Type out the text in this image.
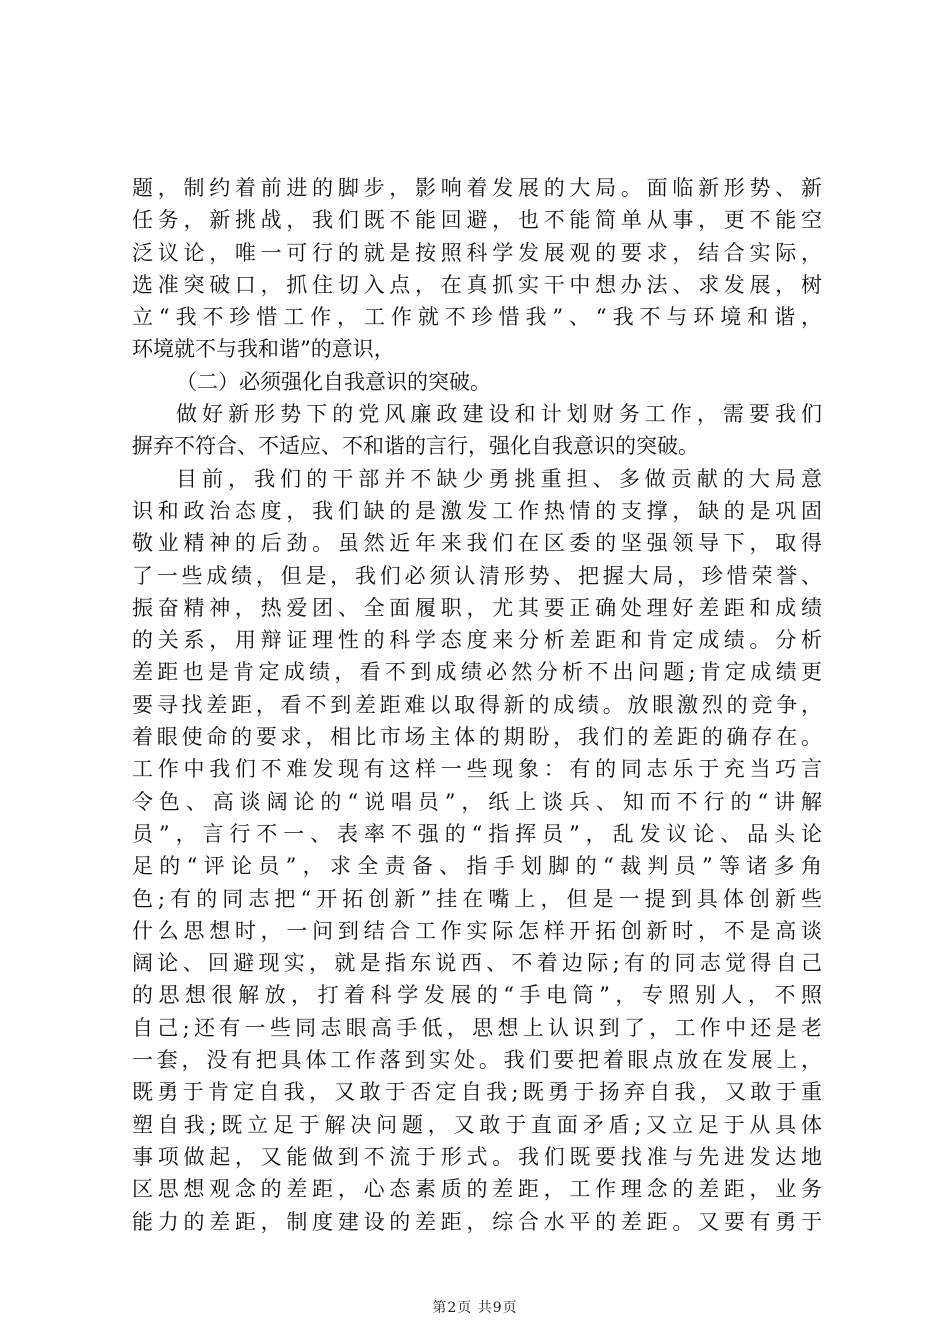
题，制约着前进的脚步，影响着发展的大局。面临新形势、新
任务，新挑战，我们既不能回避，也不能简单从事，更不能空
泛议论，唯一可行的就是按照科学发展观的要求，结合实际，
选准突破口，抓住切入点，在真抓实干中想办法、求发展，树
立“我不珍惜工作，工作就不珍惜我”、“我不与环境和谐，
环境就不与我和谐”的意识，
（二）必须强化自我意识的突破。
做好新形势下的党风廉政建设和计划财务工作，需要我们
摒弃不符合、不适应、不和谐的言行，强化自我意识的突破。
目前，我们的干部并不缺少勇挑重担、多做贡献的大局意
识和政治态度，我们缺的是激发工作热情的支撑，缺的是巩固
敬业精神的后劲。虽然近年来我们在区委的坚强领导下，取得
了一些成绩，但是，我们必须认清形势、把握大局，珍惜荣誉、
振奋精神，热爱团、全面履职，尤其要正确处理好差距和成绩
的关系，用辩证理性的科学态度来分析差距和肯定成绩。分析
差距也是肯定成绩，看不到成绩必然分析不出问题;肯定成绩更
要寻找差距，看不到差距难以取得新的成绩。放眼激烈的竞争，
着眼使命的要求，相比市场主体的期盼，我们的差距的确存在。
工作中我们不难发现有这样一些现象：有的同志乐于充当巧言
令色、高谈阔论的“说唱员”，纸上谈兵、知而不行的“讲解
员”，言行不一、表率不强的“指挥员”，乱发议论、品头论
足的“评论员”，求全责备、指手划脚的“裁判员”等诸多角
色;有的同志把“开拓创新”挂在嘴上，但是一提到具体创新些
什么思想时，一问到结合工作实际怎样开拓创新时，不是高谈
阔论、回避现实，就是指东说西、不着边际;有的同志觉得自己
的思想很解放，打着科学发展的“手电筒”，专照别人，不照
自己;还有一些同志眼高手低，思想上认识到了，工作中还是老
一套，没有把具体工作落到实处。我们要把着眼点放在发展上，
既勇于肯定自我，又敢于否定自我;既勇于扬弃自我，又敢于重
塑自我;既立足于解决问题，又敢于直面矛盾;又立足于从具体
事项做起，又能做到不流于形式。我们既要找准与先进发达地
区思想观念的差距，心态素质的差距，工作理念的差距，业务
能力的差距，制度建设的差距，综合水平的差距。又要有勇于
第2页 共9页
